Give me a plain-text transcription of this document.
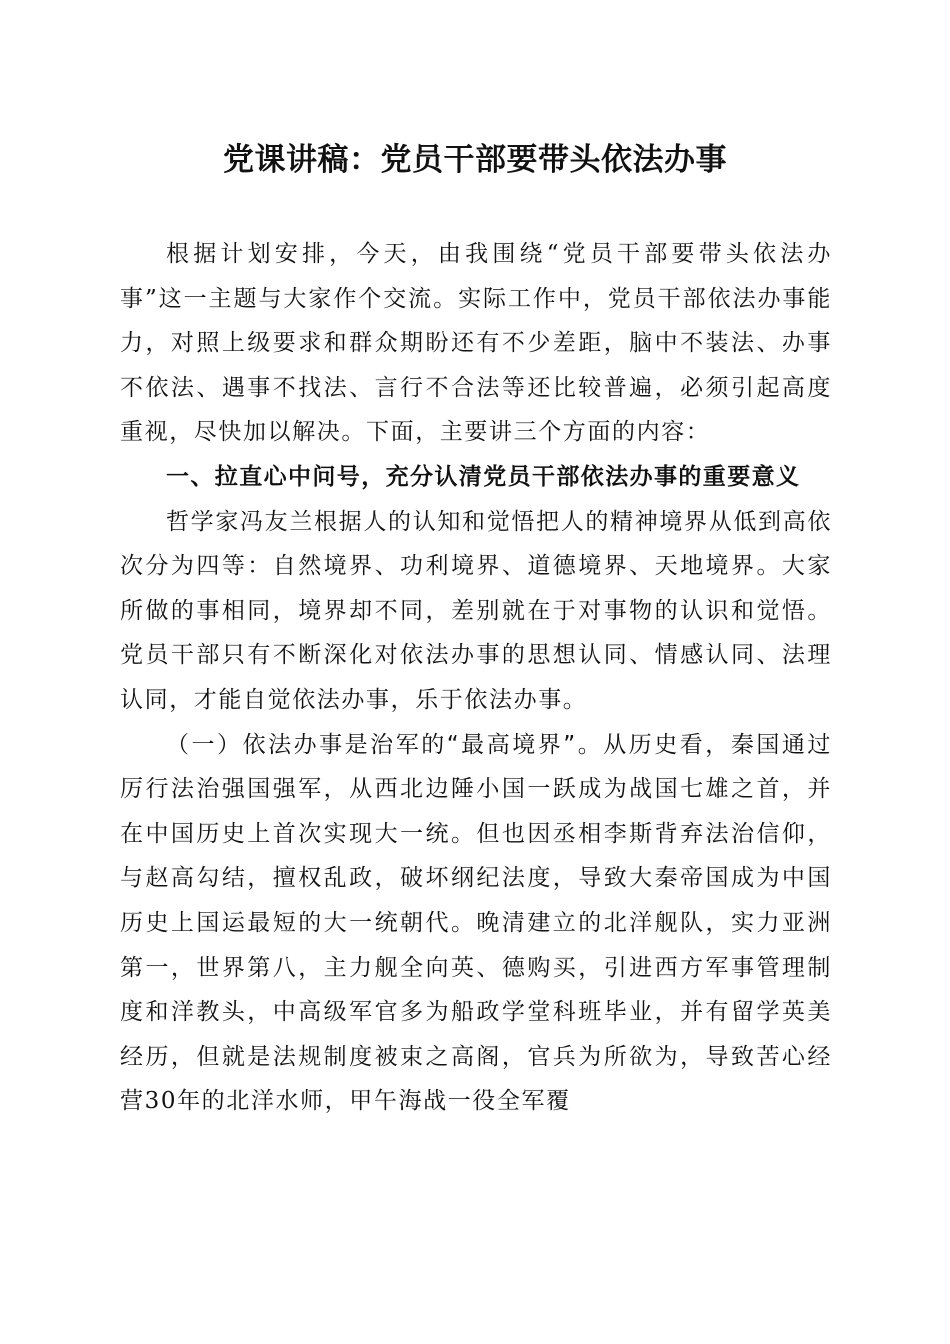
党课讲稿：党员干部要带头依法办事

根据计划安排，今天，由我围绕“党员干部要带头依法办事”这一主题与大家作个交流。实际工作中，党员干部依法办事能力，对照上级要求和群众期盼还有不少差距，脑中不装法、办事不依法、遇事不找法、言行不合法等还比较普遍，必须引起高度重视，尽快加以解决。下面，主要讲三个方面的内容：

一、拉直心中问号，充分认清党员干部依法办事的重要意义

哲学家冯友兰根据人的认知和觉悟把人的精神境界从低到高依次分为四等：自然境界、功利境界、道德境界、天地境界。大家所做的事相同，境界却不同，差别就在于对事物的认识和觉悟。党员干部只有不断深化对依法办事的思想认同、情感认同、法理认同，才能自觉依法办事，乐于依法办事。

（一）依法办事是治军的“最高境界”。从历史看，秦国通过厉行法治强国强军，从西北边陲小国一跃成为战国七雄之首，并在中国历史上首次实现大一统。但也因丞相李斯背弃法治信仰，与赵高勾结，擅权乱政，破坏纲纪法度，导致大秦帝国成为中国历史上国运最短的大一统朝代。晚清建立的北洋舰队，实力亚洲第一，世界第八，主力舰全向英、德购买，引进西方军事管理制度和洋教头，中高级军官多为船政学堂科班毕业，并有留学英美经历，但就是法规制度被束之高阁，官兵为所欲为，导致苦心经营30年的北洋水师，甲午海战一役全军覆
